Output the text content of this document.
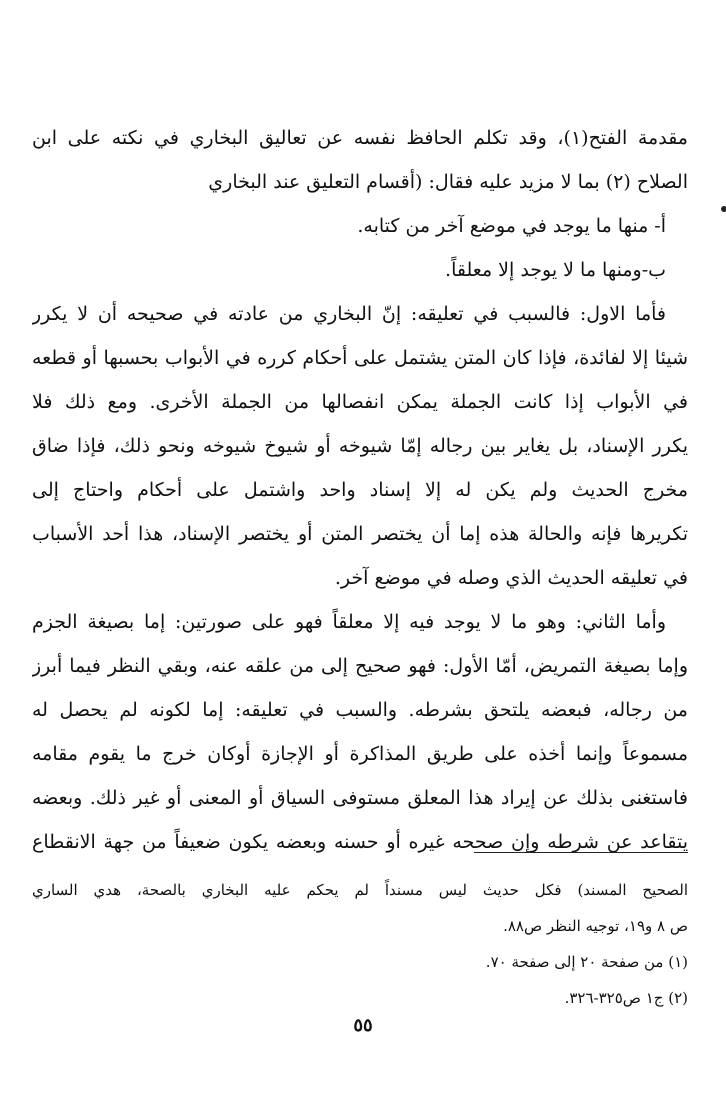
مقدمة الفتح(١)، وقد تكلم الحافظ نفسه عن تعاليق البخاري في نكته على ابن
الصلاح (٢) بما لا مزيد عليه فقال: (أقسام التعليق عند البخاري
أ- منها ما يوجد في موضع آخر من كتابه.
ب-ومنها ما لا يوجد إلا معلقاً.
فأما الاول: فالسبب في تعليقه: إنّ البخاري من عادته في صحيحه أن لا يكرر
شيئا إلا لفائدة، فإذا كان المتن يشتمل على أحكام كرره في الأبواب بحسبها أو قطعه
في الأبواب إذا كانت الجملة يمكن انفصالها من الجملة الأخرى. ومع ذلك فلا
يكرر الإسناد، بل يغاير بين رجاله إمّا شيوخه أو شيوخ شيوخه ونحو ذلك، فإذا ضاق
مخرج الحديث ولم يكن له إلا إسناد واحد واشتمل على أحكام واحتاج إلى
تكريرها فإنه والحالة هذه إما أن يختصر المتن أو يختصر الإسناد، هذا أحد الأسباب
في تعليقه الحديث الذي وصله في موضع آخر.
وأما الثاني: وهو ما لا يوجد فيه إلا معلقاً فهو على صورتين: إما بصيغة الجزم
وإما بصيغة التمريض، أمّا الأول: فهو صحيح إلى من علقه عنه، وبقي النظر فيما أبرز
من رجاله، فبعضه يلتحق بشرطه. والسبب في تعليقه: إما لكونه لم يحصل له
مسموعاً وإنما أخذه على طريق المذاكرة أو الإجازة أوكان خرج ما يقوم مقامه
فاستغنى بذلك عن إيراد هذا المعلق مستوفى السياق أو المعنى أو غير ذلك. وبعضه
يتقاعد عن شرطه وإن صححه غيره أو حسنه وبعضه يكون ضعيفاً من جهة الانقطاع
الصحيح المسند) فكل حديث ليس مسنداً لم يحكم عليه البخاري بالصحة، هدي الساري
ص ٨ و١٩، توجيه النظر ص٨٨.
(١) من صفحة ٢٠ إلى صفحة ٧٠.
(٢) ج١ ص٣٢٥-٣٢٦.
٥٥
